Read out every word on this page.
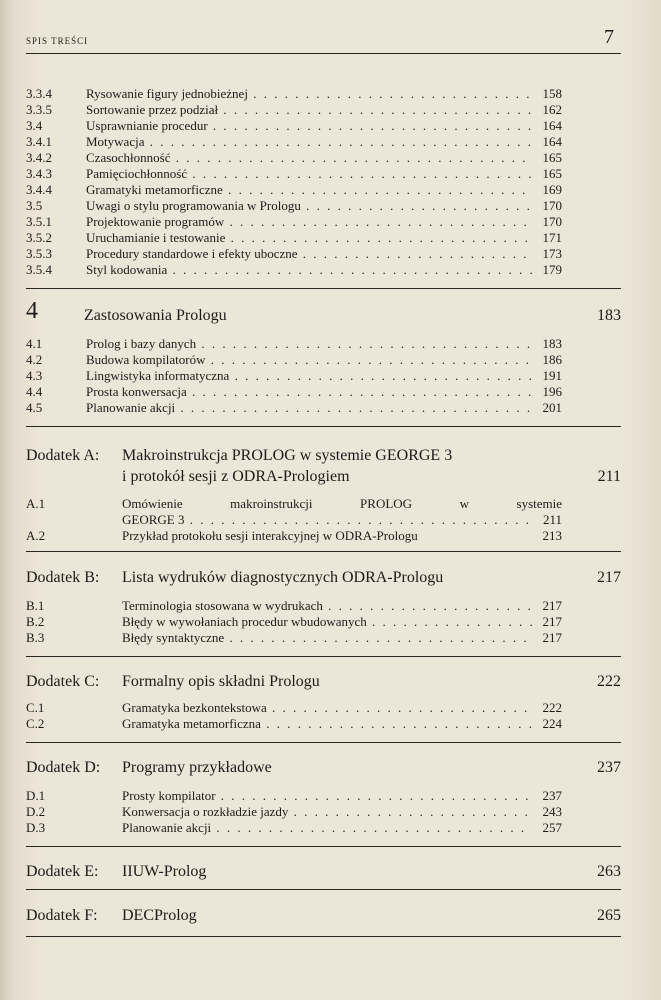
SPIS TREŚCI	7
3.3.4	Rysowanie figury jednobieżnej . . .	158
3.3.5	Sortowanie przez podział . . .	162
3.4	Usprawnianie procedur . . .	164
3.4.1	Motywacja . . .	164
3.4.2	Czasochłonność . . .	165
3.4.3	Pamięciochłonność . . .	165
3.4.4	Gramatyki metamorficzne . . .	169
3.5	Uwagi o stylu programowania w Prologu . . .	170
3.5.1	Projektowanie programów . . .	170
3.5.2	Uruchamianie i testowanie . . .	171
3.5.3	Procedury standardowe i efekty uboczne . . .	173
3.5.4	Styl kodowania . . .	179
4	Zastosowania Prologu	183
4.1	Prolog i bazy danych . . .	183
4.2	Budowa kompilatorów . . .	186
4.3	Lingwistyka informatyczna . . .	191
4.4	Prosta konwersacja . . .	196
4.5	Planowanie akcji . . .	201
Dodatek A: Makroinstrukcja PROLOG w systemie GEORGE 3
i protokół sesji z ODRA-Prologiem	211
A.1	Omówienie makroinstrukcji PROLOG w systemie
GEORGE 3 . . .	211
A.2	Przykład protokołu sesji interakcyjnej w ODRA-Prologu	213
Dodatek B: Lista wydruków diagnostycznych ODRA-Prologu	217
B.1	Terminologia stosowana w wydrukach . . .	217
B.2	Błędy w wywołaniach procedur wbudowanych . . .	217
B.3	Błędy syntaktyczne . . .	217
Dodatek C: Formalny opis składni Prologu	222
C.1	Gramatyka bezkontekstowa . . .	222
C.2	Gramatyka metamorficzna . . .	224
Dodatek D: Programy przykładowe	237
D.1	Prosty kompilator . . .	237
D.2	Konwersacja o rozkładzie jazdy . . .	243
D.3	Planowanie akcji . . .	257
Dodatek E: IIUW-Prolog	263
Dodatek F: DECProlog	265
